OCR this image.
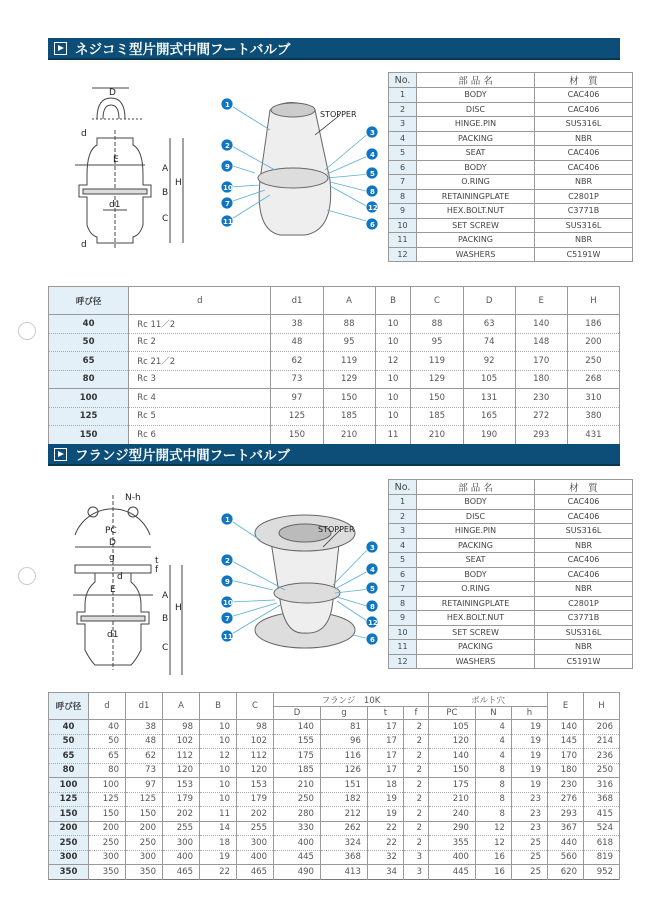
ネジコミ型片開式中間フートバルブ
D
d
E
A
B
C
H
d1
d
STOPPER
1
2
9
10
7
11
3
4
5
8
12
6
No.	部 品 名	材　質
1	BODY	CAC406
2	DISC	CAC406
3	HINGE.PIN	SUS316L
4	PACKING	NBR
5	SEAT	CAC406
6	BODY	CAC406
7	O.RING	NBR
8	RETAININGPLATE	C2801P
9	HEX.BOLT.NUT	C3771B
10	SET SCREW	SUS316L
11	PACKING	NBR
12	WASHERS	C5191W
呼び径	d	d1	A	B	C	D	E	H
40	Rc 11／2	38	88	10	88	63	140	186
50	Rc 2	48	95	10	95	74	148	200
65	Rc 21／2	62	119	12	119	92	170	250
80	Rc 3	73	129	10	129	105	180	268
100	Rc 4	97	150	10	150	131	230	310
125	Rc 5	125	185	10	185	165	272	380
150	Rc 6	150	210	11	210	190	293	431
フランジ型片開式中間フートバルブ
N-h
PC
D
g	t
f
d
E
A
B
H
d1
C
STOPPER
1
2
9
10
7
11
3
4
5
8
12
6
No.	部 品 名	材　質
1	BODY	CAC406
2	DISC	CAC406
3	HINGE.PIN	SUS316L
4	PACKING	NBR
5	SEAT	CAC406
6	BODY	CAC406
7	O.RING	NBR
8	RETAININGPLATE	C2801P
9	HEX.BOLT.NUT	C3771B
10	SET SCREW	SUS316L
11	PACKING	NBR
12	WASHERS	C5191W
呼び径	d	d1	A	B	C	フランジ　10K				ボルト穴			E	H
						D	g	t	f	PC	N	h		
40	40	38	98	10	98	140	81	17	2	105	4	19	140	206
50	50	48	102	10	102	155	96	17	2	120	4	19	145	214
65	65	62	112	12	112	175	116	17	2	140	4	19	170	236
80	80	73	120	10	120	185	126	17	2	150	8	19	180	250
100	100	97	153	10	153	210	151	18	2	175	8	19	230	316
125	125	125	179	10	179	250	182	19	2	210	8	23	276	368
150	150	150	202	11	202	280	212	19	2	240	8	23	293	415
200	200	200	255	14	255	330	262	22	2	290	12	23	367	524
250	250	250	300	18	300	400	324	22	2	355	12	25	440	618
300	300	300	400	19	400	445	368	32	3	400	16	25	560	819
350	350	350	465	22	465	490	413	34	3	445	16	25	620	952
